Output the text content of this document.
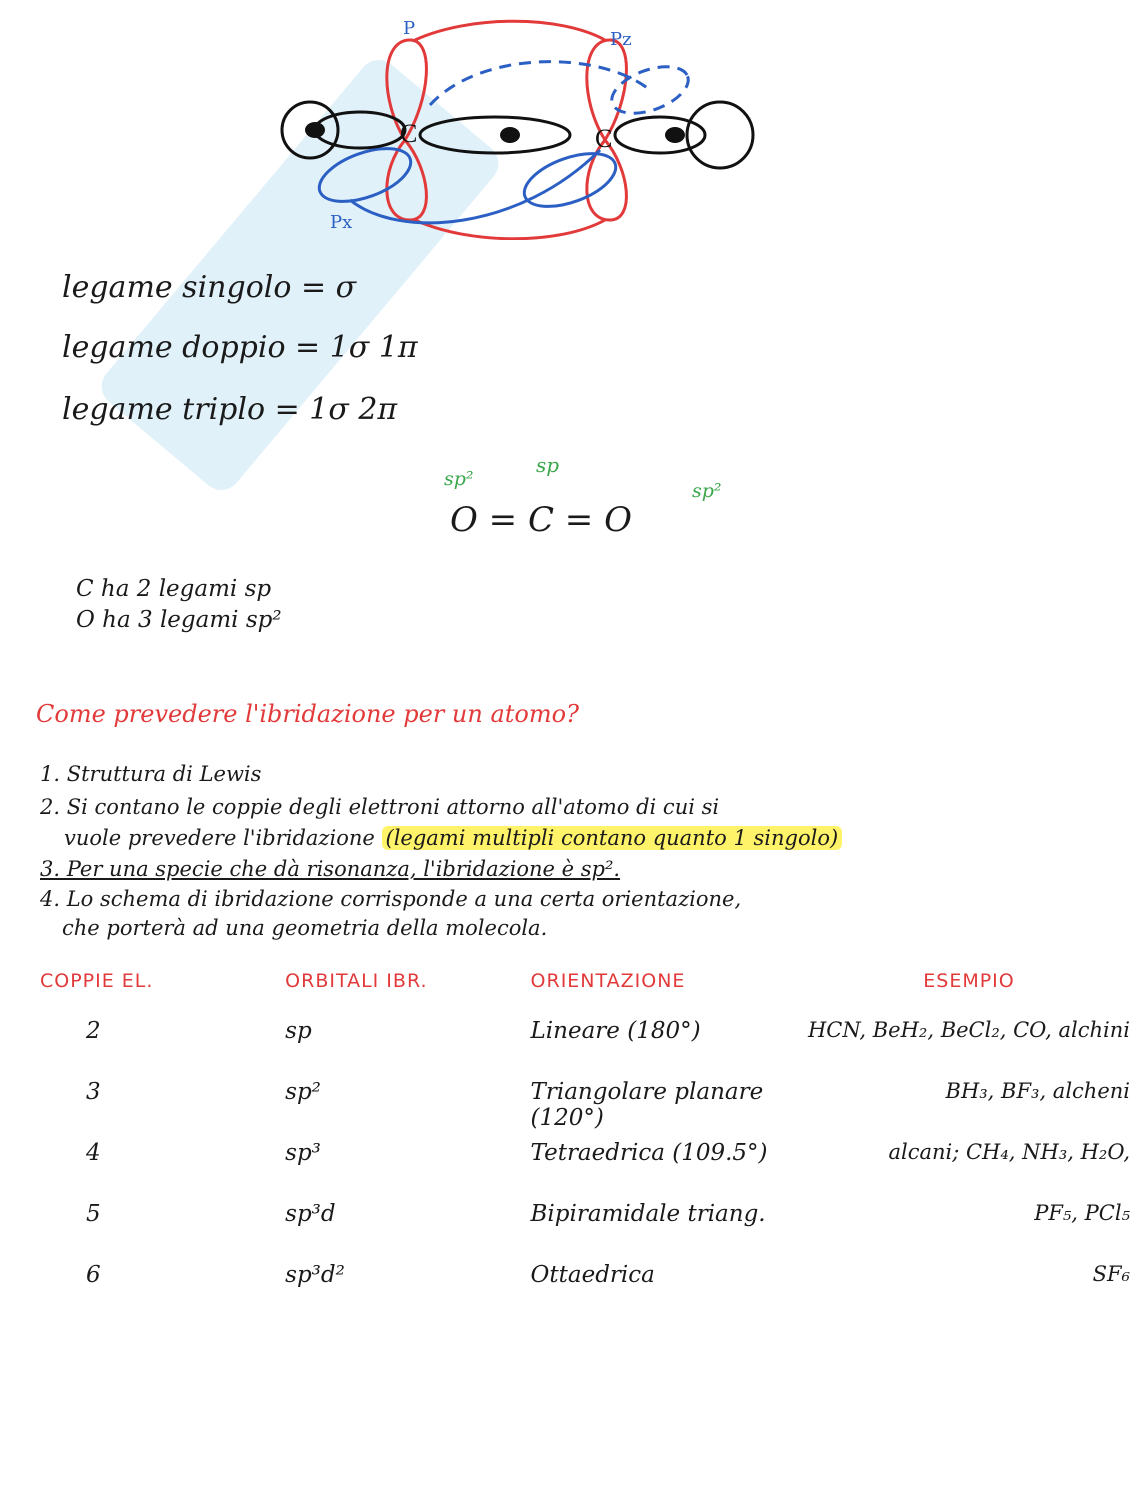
C	C
P
Pz
Px
legame singolo = σ
legame doppio = 1σ 1π
legame triplo = 1σ 2π
sp²
sp
sp²
O = C = O
C ha 2 legami sp
O ha 3 legami sp²
Come prevedere l'ibridazione per un atomo?
1. Struttura di Lewis
2. Si contano le coppie degli elettroni attorno all'atomo di cui si
vuole prevedere l'ibridazione (legami multipli contano quanto 1 singolo)
3. Per una specie che dà risonanza, l'ibridazione è sp².
4. Lo schema di ibridazione corrisponde a una certa orientazione,
che porterà ad una geometria della molecola.
COPPIE EL.	ORBITALI IBR.	ORIENTAZIONE	ESEMPIO
2	sp	Lineare (180°)	HCN, BeH₂, BeCl₂, CO, alchini
3	sp²	Triangolare planare (120°)	BH₃, BF₃, alcheni
4	sp³	Tetraedrica (109.5°)	alcani; CH₄, NH₃, H₂O,
5	sp³d	Bipiramidale triang.	PF₅, PCl₅
6	sp³d²	Ottaedrica	SF₆
